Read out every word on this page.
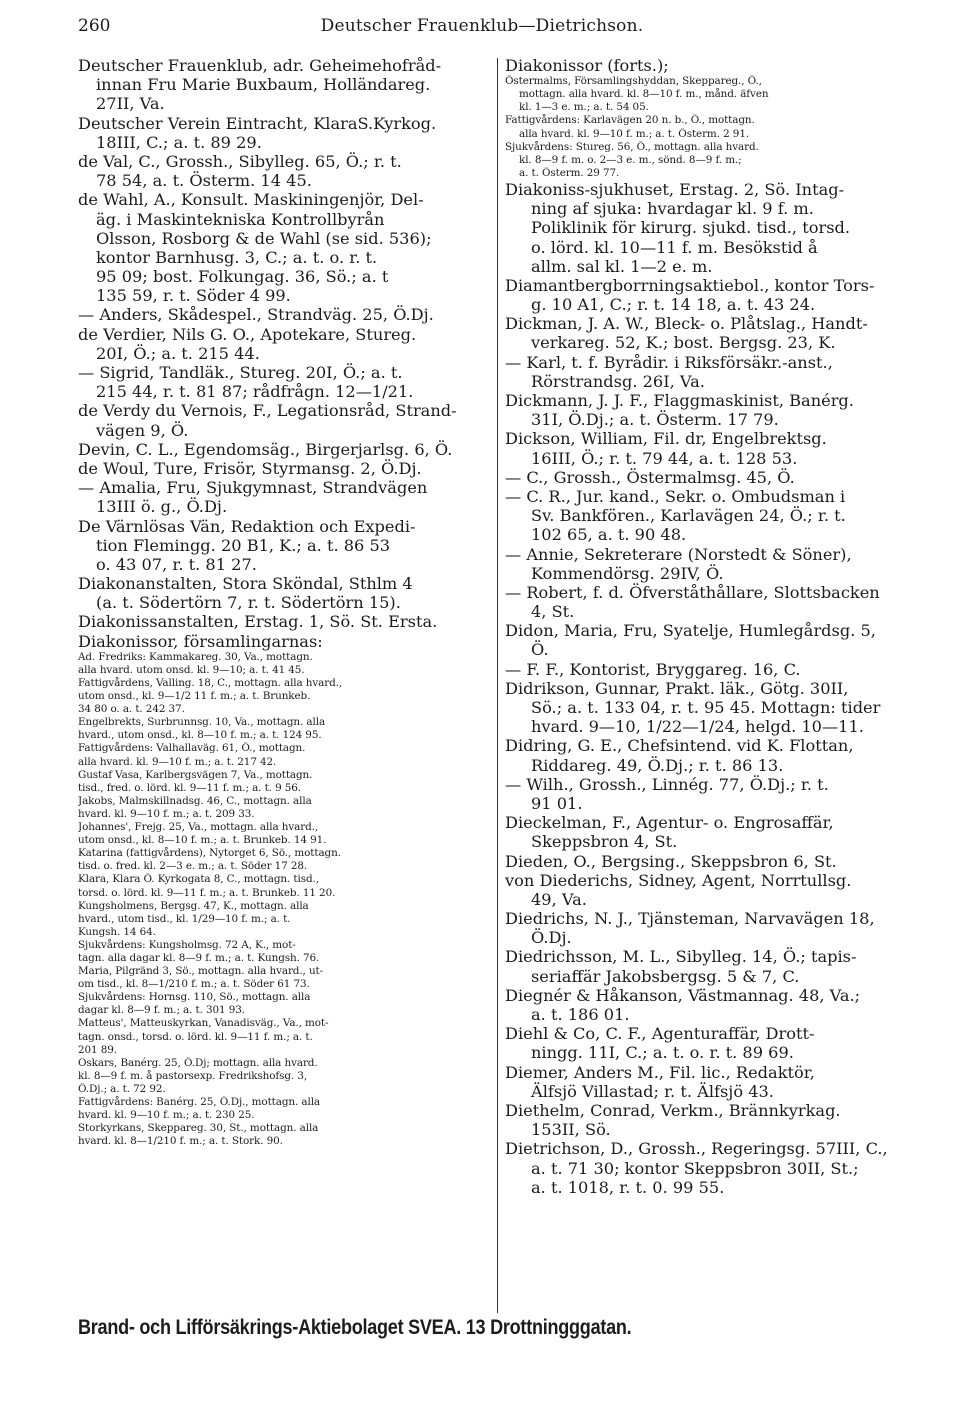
260	Deutscher Frauenklub—Dietrichson.
Deutscher Frauenklub, adr. Geheimehofråd-
innan Fru Marie Buxbaum, Holländareg.
27II, Va.
Deutscher Verein Eintracht, KlaraS.Kyrkog.
18III, C.; a. t. 89 29.
de Val, C., Grossh., Sibylleg. 65, Ö.; r. t.
78 54, a. t. Österm. 14 45.
de Wahl, A., Konsult. Maskiningenjör, Del-
äg. i Maskintekniska Kontrollbyrån
Olsson, Rosborg & de Wahl (se sid. 536);
kontor Barnhusg. 3, C.; a. t. o. r. t.
95 09; bost. Folkungag. 36, Sö.; a. t
135 59, r. t. Söder 4 99.
— Anders, Skådespel., Strandväg. 25, Ö.Dj.
de Verdier, Nils G. O., Apotekare, Stureg.
20I, Ö.; a. t. 215 44.
— Sigrid, Tandläk., Stureg. 20I, Ö.; a. t.
215 44, r. t. 81 87; rådfrågn. 12—1/21.
de Verdy du Vernois, F., Legationsråd, Strand-
vägen 9, Ö.
Devin, C. L., Egendomsäg., Birgerjarlsg. 6, Ö.
de Woul, Ture, Frisör, Styrmansg. 2, Ö.Dj.
— Amalia, Fru, Sjukgymnast, Strandvägen
13III ö. g., Ö.Dj.
De Värnlösas Vän, Redaktion och Expedi-
tion Flemingg. 20 B1, K.; a. t. 86 53
o. 43 07, r. t. 81 27.
Diakonanstalten, Stora Sköndal, Sthlm 4
(a. t. Södertörn 7, r. t. Södertörn 15).
Diakonissanstalten, Erstag. 1, Sö. St. Ersta.
Diakonissor, församlingarnas:
Ad. Fredriks: Kammakareg. 30, Va., mottagn.
alla hvard. utom onsd. kl. 9—10; a. t. 41 45.
Fattigvårdens, Valling. 18, C., mottagn. alla hvard.,
utom onsd., kl. 9—1/2 11 f. m.; a. t. Brunkeb.
34 80 o. a. t. 242 37.
Engelbrekts, Surbrunnsg. 10, Va., mottagn. alla
hvard., utom onsd., kl. 8—10 f. m.; a. t. 124 95.
Fattigvårdens: Valhallaväg. 61, Ö., mottagn.
alla hvard. kl. 9—10 f. m.; a. t. 217 42.
Gustaf Vasa, Karlbergsvägen 7, Va., mottagn.
tisd., fred. o. lörd. kl. 9—11 f. m.; a. t. 9 56.
Jakobs, Malmskillnadsg. 46, C., mottagn. alla
hvard. kl. 9—10 f. m.; a. t. 209 33.
Johannes', Frejg. 25, Va., mottagn. alla hvard.,
utom onsd., kl. 8—10 f. m.; a. t. Brunkeb. 14 91.
Katarina (fattigvårdens), Nytorget 6, Sö., mottagn.
tisd. o. fred. kl. 2—3 e. m.; a. t. Söder 17 28.
Klara, Klara Ö. Kyrkogata 8, C., mottagn. tisd.,
torsd. o. lörd. kl. 9—11 f. m.; a. t. Brunkeb. 11 20.
Kungsholmens, Bergsg. 47, K., mottagn. alla
hvard., utom tisd., kl. 1/29—10 f. m.; a. t.
Kungsh. 14 64.
Sjukvårdens: Kungsholmsg. 72 A, K., mot-
tagn. alla dagar kl. 8—9 f. m.; a. t. Kungsh. 76.
Maria, Pilgränd 3, Sö., mottagn. alla hvard., ut-
om tisd., kl. 8—1/210 f. m.; a. t. Söder 61 73.
Sjukvårdens: Hornsg. 110, Sö., mottagn. alla
dagar kl. 8—9 f. m.; a. t. 301 93.
Matteus', Matteuskyrkan, Vanadisväg., Va., mot-
tagn. onsd., torsd. o. lörd. kl. 9—11 f. m.; a. t.
201 89.
Oskars, Banérg. 25, Ö.Dj; mottagn. alla hvard.
kl. 8—9 f. m. å pastorsexp. Fredrikshofsg. 3,
Ö.Dj.; a. t. 72 92.
Fattigvårdens: Banérg. 25, Ö.Dj., mottagn. alla
hvard. kl. 9—10 f. m.; a. t. 230 25.
Storkyrkans, Skeppareg. 30, St., mottagn. alla
hvard. kl. 8—1/210 f. m.; a. t. Stork. 90.
Diakonissor (forts.);
Östermalms, Församlingshyddan, Skeppareg., Ö.,
mottagn. alla hvard. kl. 8—10 f. m., månd. äfven
kl. 1—3 e. m.; a. t. 54 05.
Fattigvårdens: Karlavägen 20 n. b., Ö., mottagn.
alla hvard. kl. 9—10 f. m.; a. t. Österm. 2 91.
Sjukvårdens: Stureg. 56, Ö., mottagn. alla hvard.
kl. 8—9 f. m. o. 2—3 e. m., sönd. 8—9 f. m.;
a. t. Österm. 29 77.
Diakoniss-sjukhuset, Erstag. 2, Sö. Intag-
ning af sjuka: hvardagar kl. 9 f. m.
Poliklinik för kirurg. sjukd. tisd., torsd.
o. lörd. kl. 10—11 f. m. Besökstid å
allm. sal kl. 1—2 e. m.
Diamantbergborrningsaktiebol., kontor Tors-
g. 10 A1, C.; r. t. 14 18, a. t. 43 24.
Dickman, J. A. W., Bleck- o. Plåtslag., Handt-
verkareg. 52, K.; bost. Bergsg. 23, K.
— Karl, t. f. Byrådir. i Riksförsäkr.-anst.,
Rörstrandsg. 26I, Va.
Dickmann, J. J. F., Flaggmaskinist, Banérg.
31I, Ö.Dj.; a. t. Österm. 17 79.
Dickson, William, Fil. dr, Engelbrektsg.
16III, Ö.; r. t. 79 44, a. t. 128 53.
— C., Grossh., Östermalmsg. 45, Ö.
— C. R., Jur. kand., Sekr. o. Ombudsman i
Sv. Bankfören., Karlavägen 24, Ö.; r. t.
102 65, a. t. 90 48.
— Annie, Sekreterare (Norstedt & Söner),
Kommendörsg. 29IV, Ö.
— Robert, f. d. Öfverståthållare, Slottsbacken
4, St.
Didon, Maria, Fru, Syatelje, Humlegårdsg. 5,
Ö.
— F. F., Kontorist, Bryggareg. 16, C.
Didrikson, Gunnar, Prakt. läk., Götg. 30II,
Sö.; a. t. 133 04, r. t. 95 45. Mottagn: tider
hvard. 9—10, 1/22—1/24, helgd. 10—11.
Didring, G. E., Chefsintend. vid K. Flottan,
Riddareg. 49, Ö.Dj.; r. t. 86 13.
— Wilh., Grossh., Linnég. 77, Ö.Dj.; r. t.
91 01.
Dieckelman, F., Agentur- o. Engrosaffär,
Skeppsbron 4, St.
Dieden, O., Bergsing., Skeppsbron 6, St.
von Diederichs, Sidney, Agent, Norrtullsg.
49, Va.
Diedrichs, N. J., Tjänsteman, Narvavägen 18,
Ö.Dj.
Diedrichsson, M. L., Sibylleg. 14, Ö.; tapis-
seriaffär Jakobsbergsg. 5 & 7, C.
Diegnér & Håkanson, Västmannag. 48, Va.;
a. t. 186 01.
Diehl & Co, C. F., Agenturaffär, Drott-
ningg. 11I, C.; a. t. o. r. t. 89 69.
Diemer, Anders M., Fil. lic., Redaktör,
Älfsjö Villastad; r. t. Älfsjö 43.
Diethelm, Conrad, Verkm., Brännkyrkag.
153II, Sö.
Dietrichson, D., Grossh., Regeringsg. 57III, C.,
a. t. 71 30; kontor Skeppsbron 30II, St.;
a. t. 1018, r. t. 0. 99 55.
Brand- och Lifförsäkrings-Aktiebolaget SVEA. 13 Drottningggatan.
